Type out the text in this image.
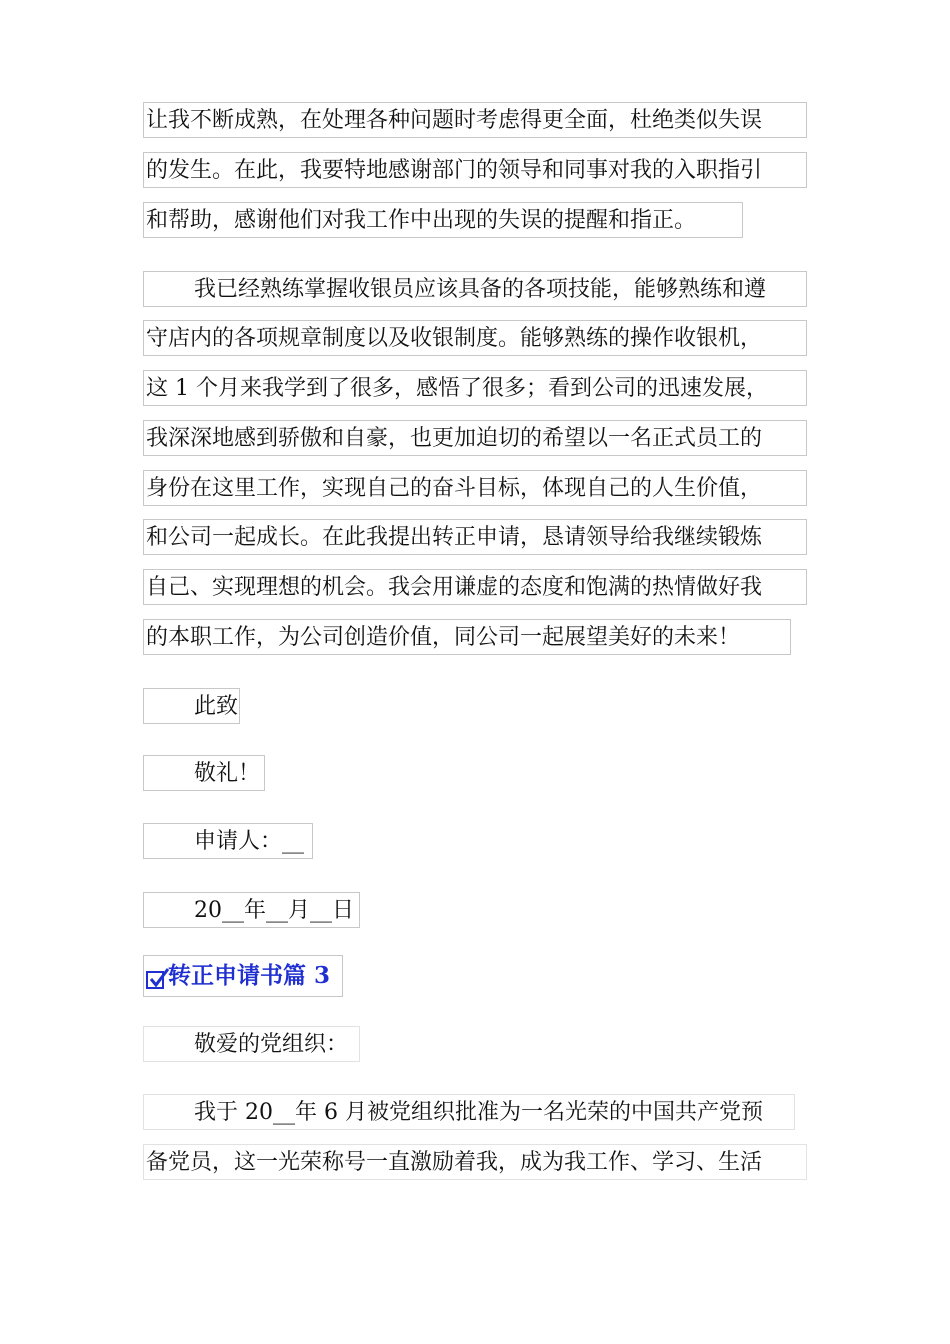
让我不断成熟，在处理各种问题时考虑得更全面，杜绝类似失误
的发生。在此，我要特地感谢部门的领导和同事对我的入职指引
和帮助，感谢他们对我工作中出现的失误的提醒和指正。
我已经熟练掌握收银员应该具备的各项技能，能够熟练和遵
守店内的各项规章制度以及收银制度。能够熟练的操作收银机，
这 1 个月来我学到了很多，感悟了很多；看到公司的迅速发展，
我深深地感到骄傲和自豪，也更加迫切的希望以一名正式员工的
身份在这里工作，实现自己的奋斗目标，体现自己的人生价值，
和公司一起成长。在此我提出转正申请，恳请领导给我继续锻炼
自己、实现理想的机会。我会用谦虚的态度和饱满的热情做好我
的本职工作，为公司创造价值，同公司一起展望美好的未来！
此致
敬礼！
申请人：__
20__年__月__日
转正申请书篇 3
敬爱的党组织：
我于 20__年 6 月被党组织批准为一名光荣的中国共产党预
备党员，这一光荣称号一直激励着我，成为我工作、学习、生活
